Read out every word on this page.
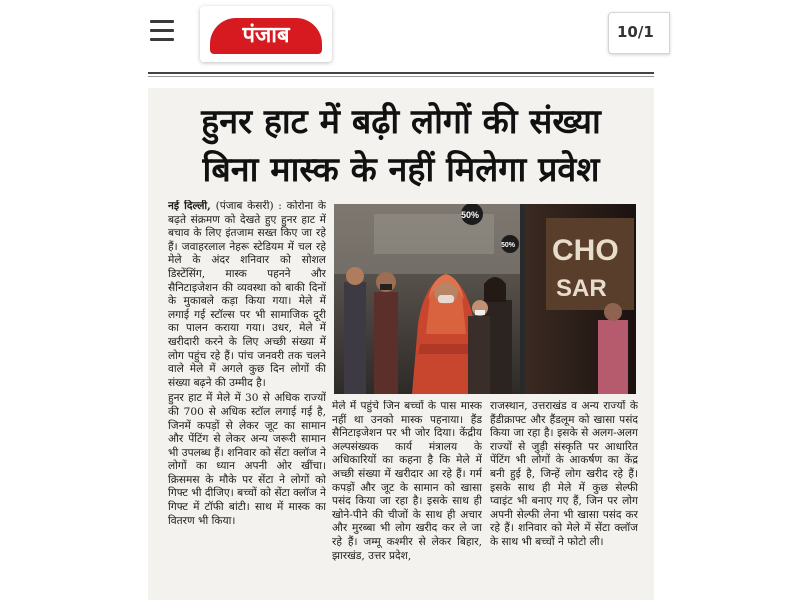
पंजाब	10/1
हुनर हाट में बढ़ी लोगों की संख्या
बिना मास्क के नहीं मिलेगा प्रवेश

नई दिल्ली, (पंजाब केसरी) : कोरोना के बढ़ते संक्रमण को देखते हुए हुनर हाट में बचाव के लिए इंतजाम सख्त किए जा रहे हैं। जवाहरलाल नेहरू स्टेडियम में चल रहे मेले के अंदर शनिवार को सोशल डिस्टेंसिंग, मास्क पहनने और सैनिटाइजेशन की व्यवस्था को बाकी दिनों के मुकाबले कड़ा किया गया। मेले में लगाई गई स्टॉल्स पर भी सामाजिक दूरी का पालन कराया गया। उधर, मेले में खरीदारी करने के लिए अच्छी संख्या में लोग पहुंच रहे हैं। पांच जनवरी तक चलने वाले मेले में अगले कुछ दिन लोगों की संख्या बढ़ने की उम्मीद है।

हुनर हाट में मेले में 30 से अधिक राज्यों की 700 से अधिक स्टॉल लगाई गई है, जिनमें कपड़ों से लेकर जूट का सामान और पेंटिंग से लेकर अन्य जरूरी सामान भी उपलब्ध हैं। शनिवार को सेंटा क्लॉज ने लोगों का ध्यान अपनी ओर खींचा। क्रिसमस के मौके पर सेंटा ने लोगों को गिफ्ट भी दीजिए। बच्चों को सेंटा क्लॉज ने गिफ्ट में टॉफी बांटी। साथ में मास्क का वितरण भी किया।

CHO
SAR
50%
50%

मेले में पहुंचे जिन बच्चों के पास मास्क नहीं था उनको मास्क पहनाया। हैंड सैनिटाइजेशन पर भी जोर दिया। केंद्रीय अल्पसंख्यक कार्य मंत्रालय के अधिकारियों का कहना है कि मेले में अच्छी संख्या में खरीदार आ रहे हैं। गर्म कपड़ों और जूट के सामान को खासा पसंद किया जा रहा है। इसके साथ ही खोने-पीने की चीजों के साथ ही अचार और मुरब्बा भी लोग खरीद कर ले जा रहे हैं। जम्मू कश्मीर से लेकर बिहार, झारखंड, उत्तर प्रदेश,

राजस्थान, उत्तराखंड व अन्य राज्यों के हैंडीक्राफ्ट और हैंडलूम को खासा पसंद किया जा रहा है। इसके से अलग-अलग राज्यों से जुड़ी संस्कृति पर आधारित पेंटिंग भी लोगों के आकर्षण का केंद्र बनी हुई है, जिन्हें लोग खरीद रहे हैं। इसके साथ ही मेले में कुछ सेल्फी प्वाइंट भी बनाए गए हैं, जिन पर लोग अपनी सेल्फी लेना भी खासा पसंद कर रहे हैं। शनिवार को मेले में सेंटा क्लॉज के साथ भी बच्चों ने फोटो ली।
